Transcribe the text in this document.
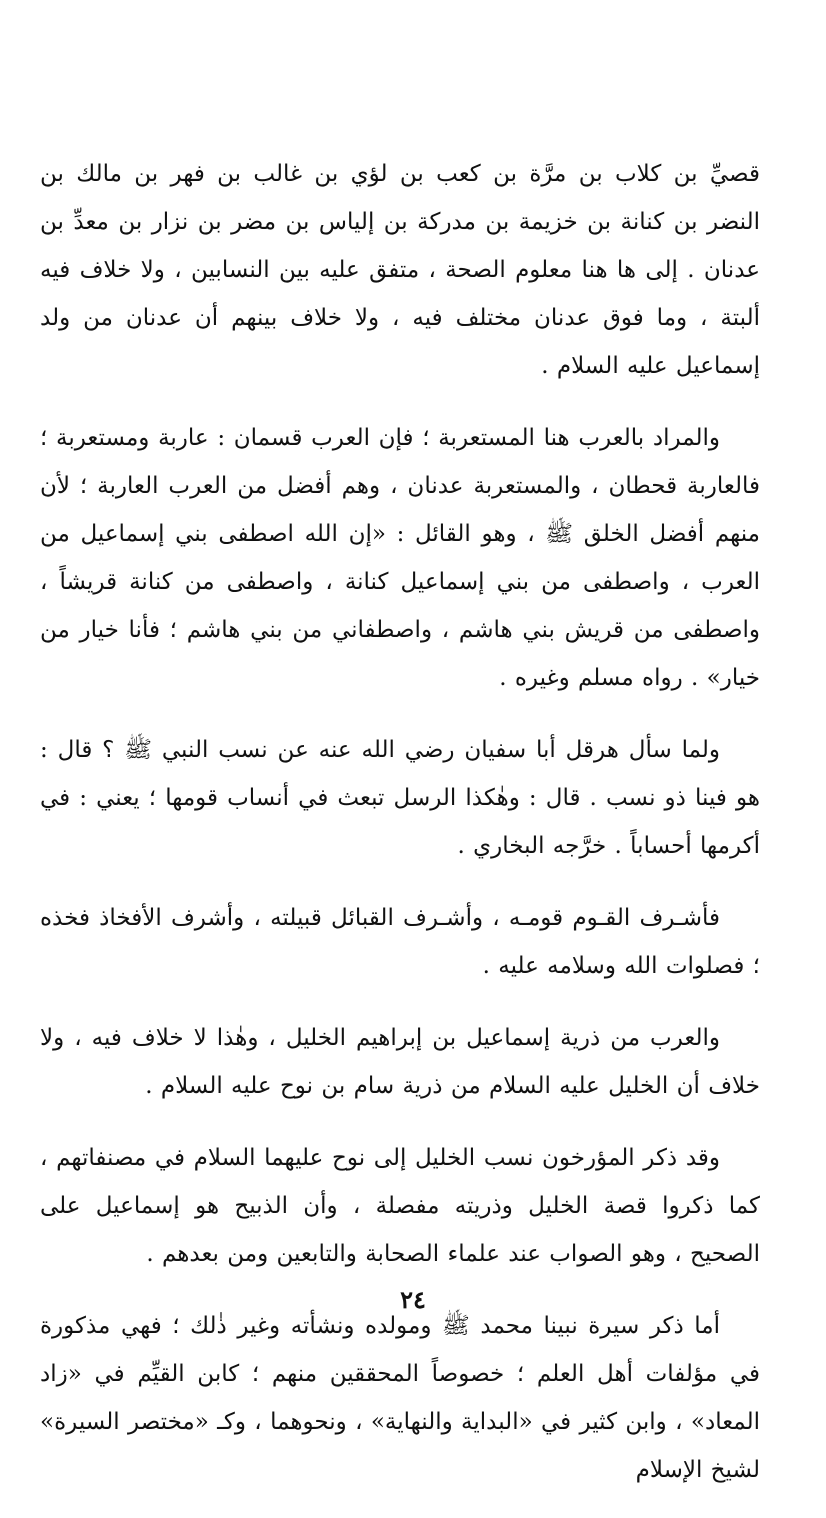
قصيِّ بن كلاب بن مرَّة بن كعب بن لؤي بن غالب بن فهر بن مالك بن النضر بن كنانة بن خزيمة بن مدركة بن إلياس بن مضر بن نزار بن معدِّ بن عدنان . إلى ها هنا معلوم الصحة ، متفق عليه بين النسابين ، ولا خلاف فيه ألبتة ، وما فوق عدنان مختلف فيه ، ولا خلاف بينهم أن عدنان من ولد إسماعيل عليه السلام .

والمراد بالعرب هنا المستعربة ؛ فإن العرب قسمان : عاربة ومستعربة ؛ فالعاربة قحطان ، والمستعربة عدنان ، وهم أفضل من العرب العاربة ؛ لأن منهم أفضل الخلق ﷺ ، وهو القائل : «إن الله اصطفى بني إسماعيل من العرب ، واصطفى من بني إسماعيل كنانة ، واصطفى من كنانة قريشاً ، واصطفى من قريش بني هاشم ، واصطفاني من بني هاشم ؛ فأنا خيار من خيار» . رواه مسلم وغيره .

ولما سأل هرقل أبا سفيان رضي الله عنه عن نسب النبي ﷺ ؟ قال : هو فينا ذو نسب . قال : وهٰكذا الرسل تبعث في أنساب قومها ؛ يعني : في أكرمها أحساباً . خرَّجه البخاري .

فأشـرف القـوم قومـه ، وأشـرف القبائل قبيلته ، وأشرف الأفخاذ فخذه ؛ فصلوات الله وسلامه عليه .

والعرب من ذرية إسماعيل بن إبراهيم الخليل ، وهٰذا لا خلاف فيه ، ولا خلاف أن الخليل عليه السلام من ذرية سام بن نوح عليه السلام .

وقد ذكر المؤرخون نسب الخليل إلى نوح عليهما السلام في مصنفاتهم ، كما ذكروا قصة الخليل وذريته مفصلة ، وأن الذبيح هو إسماعيل على الصحيح ، وهو الصواب عند علماء الصحابة والتابعين ومن بعدهم .

أما ذكر سيرة نبينا محمد ﷺ ومولده ونشأته وغير ذٰلك ؛ فهي مذكورة في مؤلفات أهل العلم ؛ خصوصاً المحققين منهم ؛ كابن القيِّم في «زاد المعاد» ، وابن كثير في «البداية والنهاية» ، ونحوهما ، وكـ «مختصر السيرة» لشيخ الإسلام

٢٤
